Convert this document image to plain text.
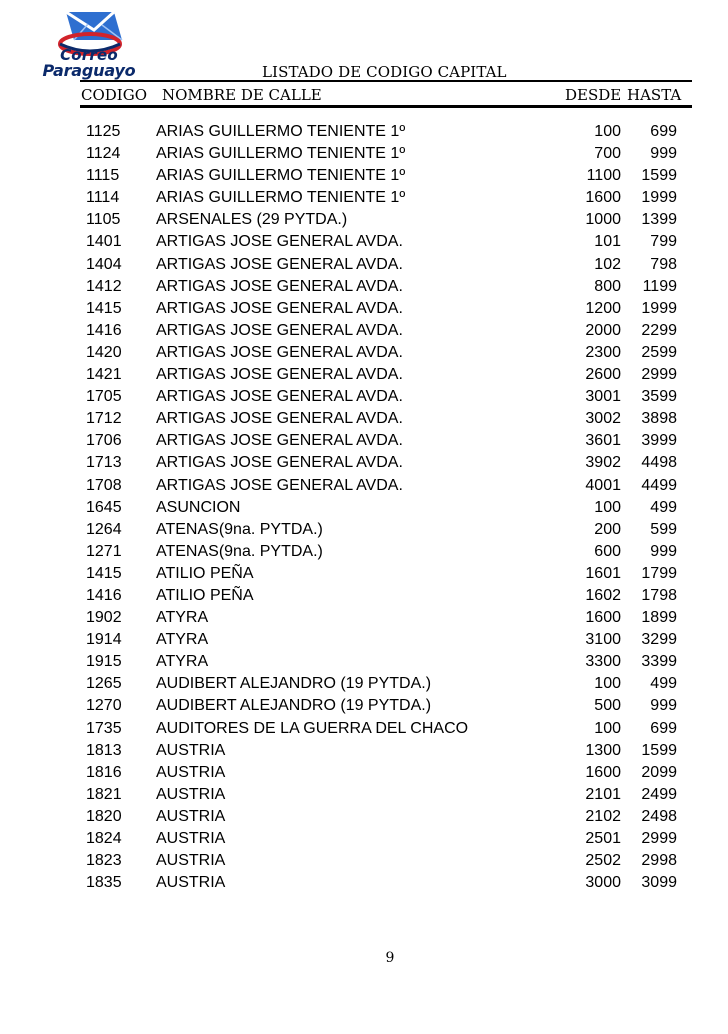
Correo
Paraguayo	LISTADO DE CODIGO CAPITAL
CODIGO NOMBRE DE CALLE	DESDE HASTA
1125 ARIAS GUILLERMO TENIENTE 1º	100 699
1124 ARIAS GUILLERMO TENIENTE 1º	700 999
1115 ARIAS GUILLERMO TENIENTE 1º	1100 1599
1114 ARIAS GUILLERMO TENIENTE 1º	1600 1999
1105 ARSENALES (29 PYTDA.)	1000 1399
1401 ARTIGAS JOSE GENERAL AVDA.	101 799
1404 ARTIGAS JOSE GENERAL AVDA.	102 798
1412 ARTIGAS JOSE GENERAL AVDA.	800 1199
1415 ARTIGAS JOSE GENERAL AVDA.	1200 1999
1416 ARTIGAS JOSE GENERAL AVDA.	2000 2299
1420 ARTIGAS JOSE GENERAL AVDA.	2300 2599
1421 ARTIGAS JOSE GENERAL AVDA.	2600 2999
1705 ARTIGAS JOSE GENERAL AVDA.	3001 3599
1712 ARTIGAS JOSE GENERAL AVDA.	3002 3898
1706 ARTIGAS JOSE GENERAL AVDA.	3601 3999
1713 ARTIGAS JOSE GENERAL AVDA.	3902 4498
1708 ARTIGAS JOSE GENERAL AVDA.	4001 4499
1645 ASUNCION	100 499
1264 ATENAS(9na. PYTDA.)	200 599
1271 ATENAS(9na. PYTDA.)	600 999
1415 ATILIO PEÑA	1601 1799
1416 ATILIO PEÑA	1602 1798
1902 ATYRA	1600 1899
1914 ATYRA	3100 3299
1915 ATYRA	3300 3399
1265 AUDIBERT ALEJANDRO (19 PYTDA.)	100 499
1270 AUDIBERT ALEJANDRO (19 PYTDA.)	500 999
1735 AUDITORES DE LA GUERRA DEL CHACO	100 699
1813 AUSTRIA	1300 1599
1816 AUSTRIA	1600 2099
1821 AUSTRIA	2101 2499
1820 AUSTRIA	2102 2498
1824 AUSTRIA	2501 2999
1823 AUSTRIA	2502 2998
1835 AUSTRIA	3000 3099
9
